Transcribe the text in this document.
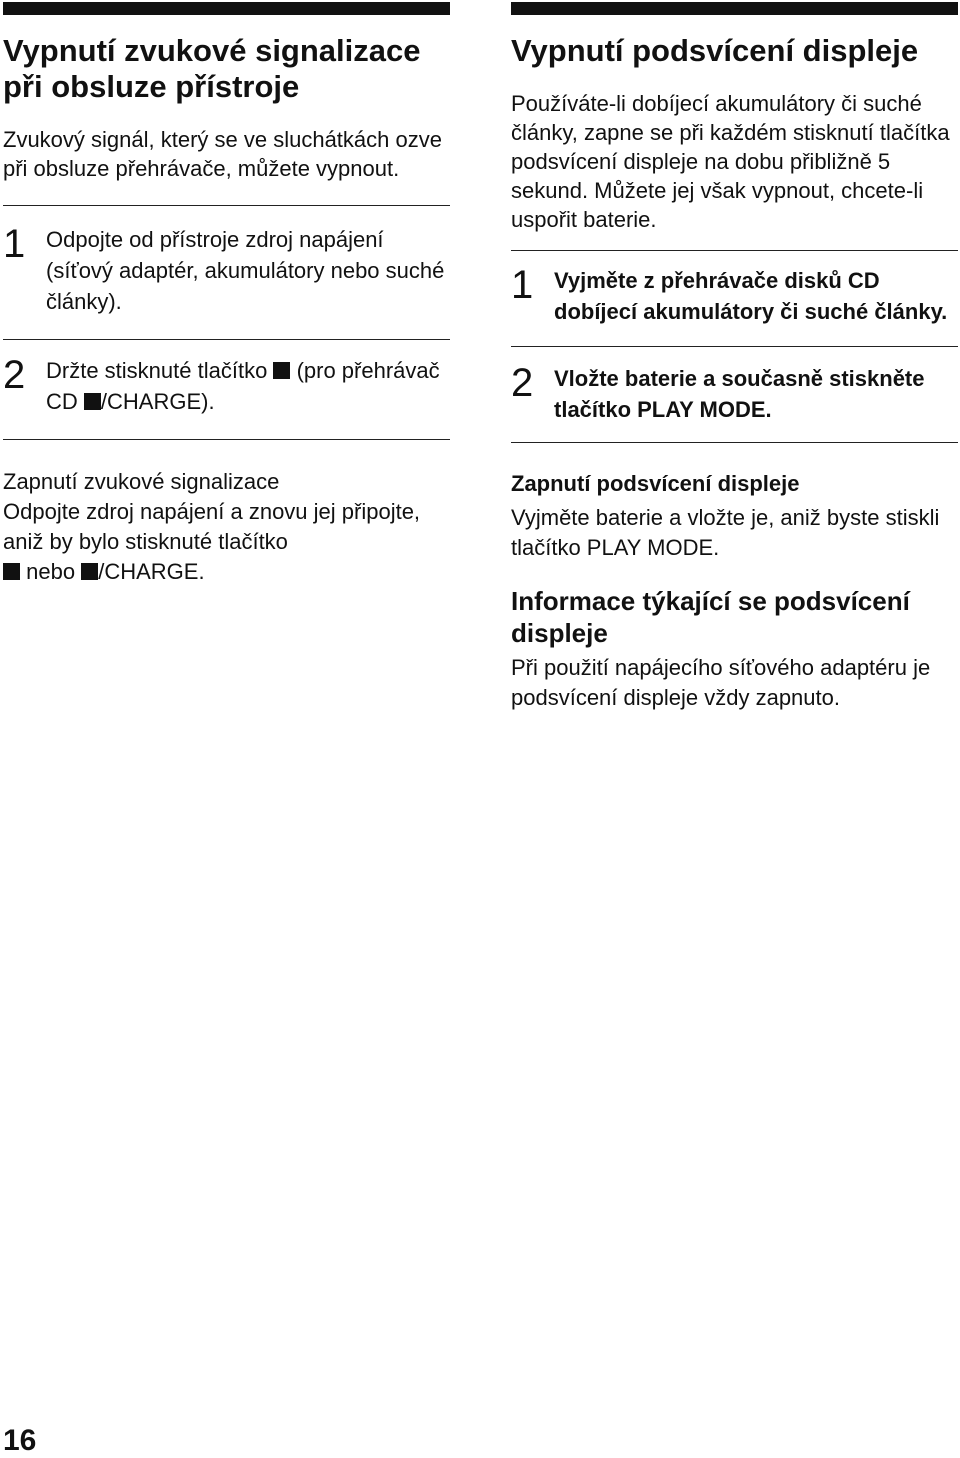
Vypnutí zvukové signalizace při obsluze přístroje

Zvukový signál, který se ve sluchátkách ozve při obsluze přehrávače, můžete vypnout.

1 Odpojte od přístroje zdroj napájení (síťový adaptér, akumulátory nebo suché články).
2 Držte stisknuté tlačítko (pro přehrávač CD /CHARGE).
Zapnutí zvukové signalizace

Odpojte zdroj napájení a znovu jej připojte, aniž by bylo stisknuté tlačítko
nebo /CHARGE.

Vypnutí podsvícení displeje

Používáte-li dobíjecí akumulátory či suché články, zapne se při každém stisknutí tlačítka podsvícení displeje na dobu přibližně 5 sekund. Můžete jej však vypnout, chcete-li uspořit baterie.

1 Vyjměte z přehrávače disků CD dobíjecí akumulátory či suché články.
2 Vložte baterie a současně stiskněte tlačítko PLAY MODE.
Zapnutí podsvícení displeje

Vyjměte baterie a vložte je, aniž byste stiskli tlačítko PLAY MODE.

Informace týkající se podsvícení displeje

Při použití napájecího síťového adaptéru je podsvícení displeje vždy zapnuto.

16
